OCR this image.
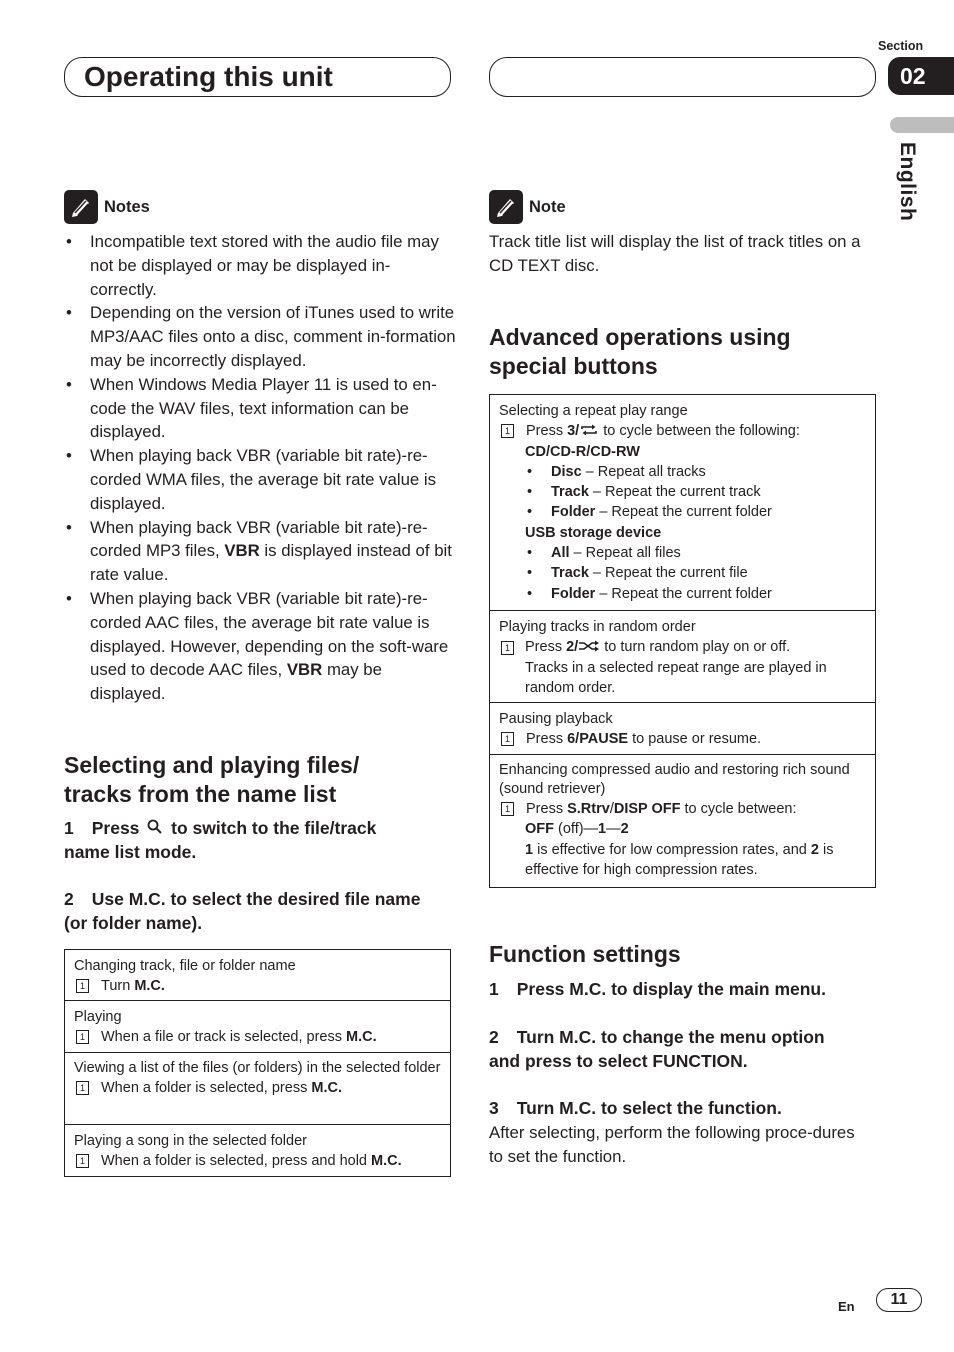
Operating this unit
Section
02
English
Notes
• Incompatible text stored with the audio file may not be displayed or may be displayed in-correctly.
• Depending on the version of iTunes used to write MP3/AAC files onto a disc, comment in-formation may be incorrectly displayed.
• When Windows Media Player 11 is used to en-code the WAV files, text information can be displayed.
• When playing back VBR (variable bit rate)-re-corded WMA files, the average bit rate value is displayed.
• When playing back VBR (variable bit rate)-re-corded MP3 files, VBR is displayed instead of bit rate value.
• When playing back VBR (variable bit rate)-re-corded AAC files, the average bit rate value is displayed. However, depending on the soft-ware used to decode AAC files, VBR may be displayed.
Selecting and playing files/
tracks from the name list
1 Press to switch to the file/track
name list mode.
2 Use M.C. to select the desired file name
(or folder name).
Changing track, file or folder name
1 Turn M.C.
Playing
1 When a file or track is selected, press M.C.
Viewing a list of the files (or folders) in the selected folder
1 When a folder is selected, press M.C.
Playing a song in the selected folder
1 When a folder is selected, press and hold M.C.
Note
Track title list will display the list of track titles on a CD TEXT disc.
Advanced operations using
special buttons
Selecting a repeat play range
1 Press 3/ to cycle between the following:
CD/CD-R/CD-RW
• Disc – Repeat all tracks
• Track – Repeat the current track
• Folder – Repeat the current folder
USB storage device
• All – Repeat all files
• Track – Repeat the current file
• Folder – Repeat the current folder
Playing tracks in random order
1 Press 2/ to turn random play on or off.
Tracks in a selected repeat range are played in random order.
Pausing playback
1 Press 6/PAUSE to pause or resume.
Enhancing compressed audio and restoring rich sound (sound retriever)
1 Press S.Rtrv/DISP OFF to cycle between:
OFF (off)—1—2
1 is effective for low compression rates, and 2 is effective for high compression rates.
Function settings
1 Press M.C. to display the main menu.
2 Turn M.C. to change the menu option
and press to select FUNCTION.
3 Turn M.C. to select the function.
After selecting, perform the following proce-dures to set the function.
En	11
